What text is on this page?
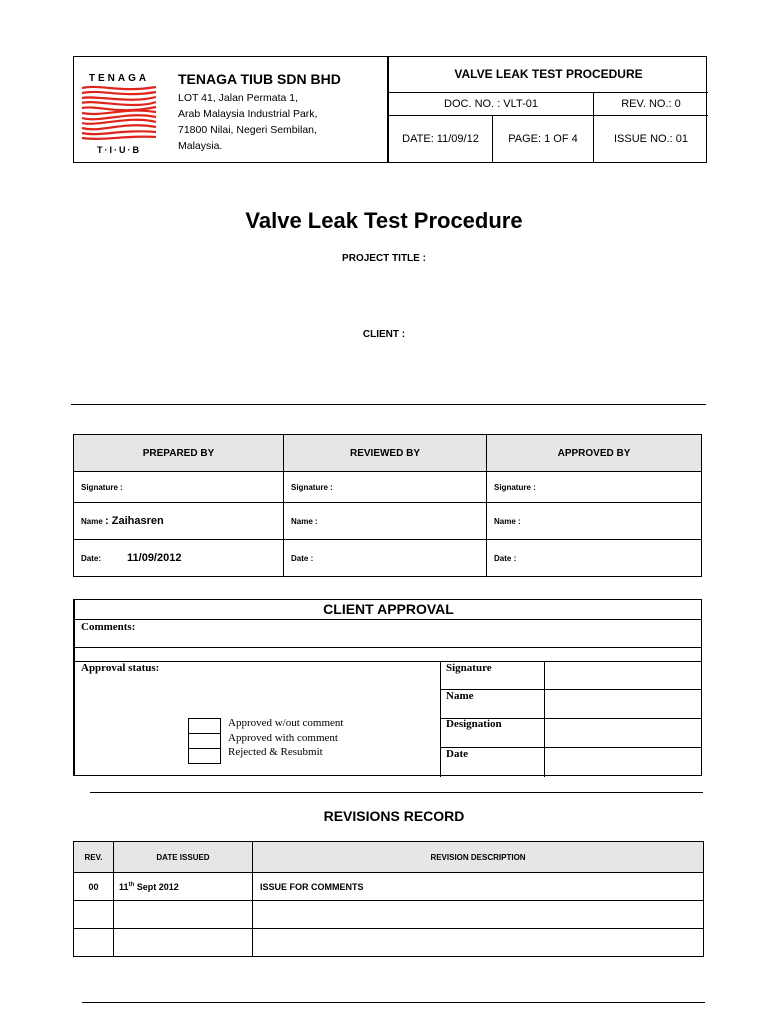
TENAGA
T·I·U·B
TENAGA TIUB SDN BHD
LOT 41, Jalan Permata 1,
Arab Malaysia Industrial Park,
71800 Nilai, Negeri Sembilan,
Malaysia.
VALVE LEAK TEST PROCEDURE		
DOC. NO. : VLT-01		REV. NO.: 0
DATE: 11/09/12	PAGE: 1 OF 4	ISSUE NO.: 01
Valve Leak Test Procedure
PROJECT TITLE :
CLIENT :
PREPARED BY	REVIEWED BY	APPROVED BY
Signature :	Signature :	Signature :
Name : Zaihasren	Name :	Name :
Date: 11/09/2012	Date :	Date :
CLIENT APPROVAL
Comments:
Approval status:
Approved w/out comment
Approved with comment
Rejected & Resubmit
Signature
Name
Designation
Date
REVISIONS RECORD
REV.	DATE ISSUED	REVISION DESCRIPTION
00	11th Sept 2012	ISSUE FOR COMMENTS
